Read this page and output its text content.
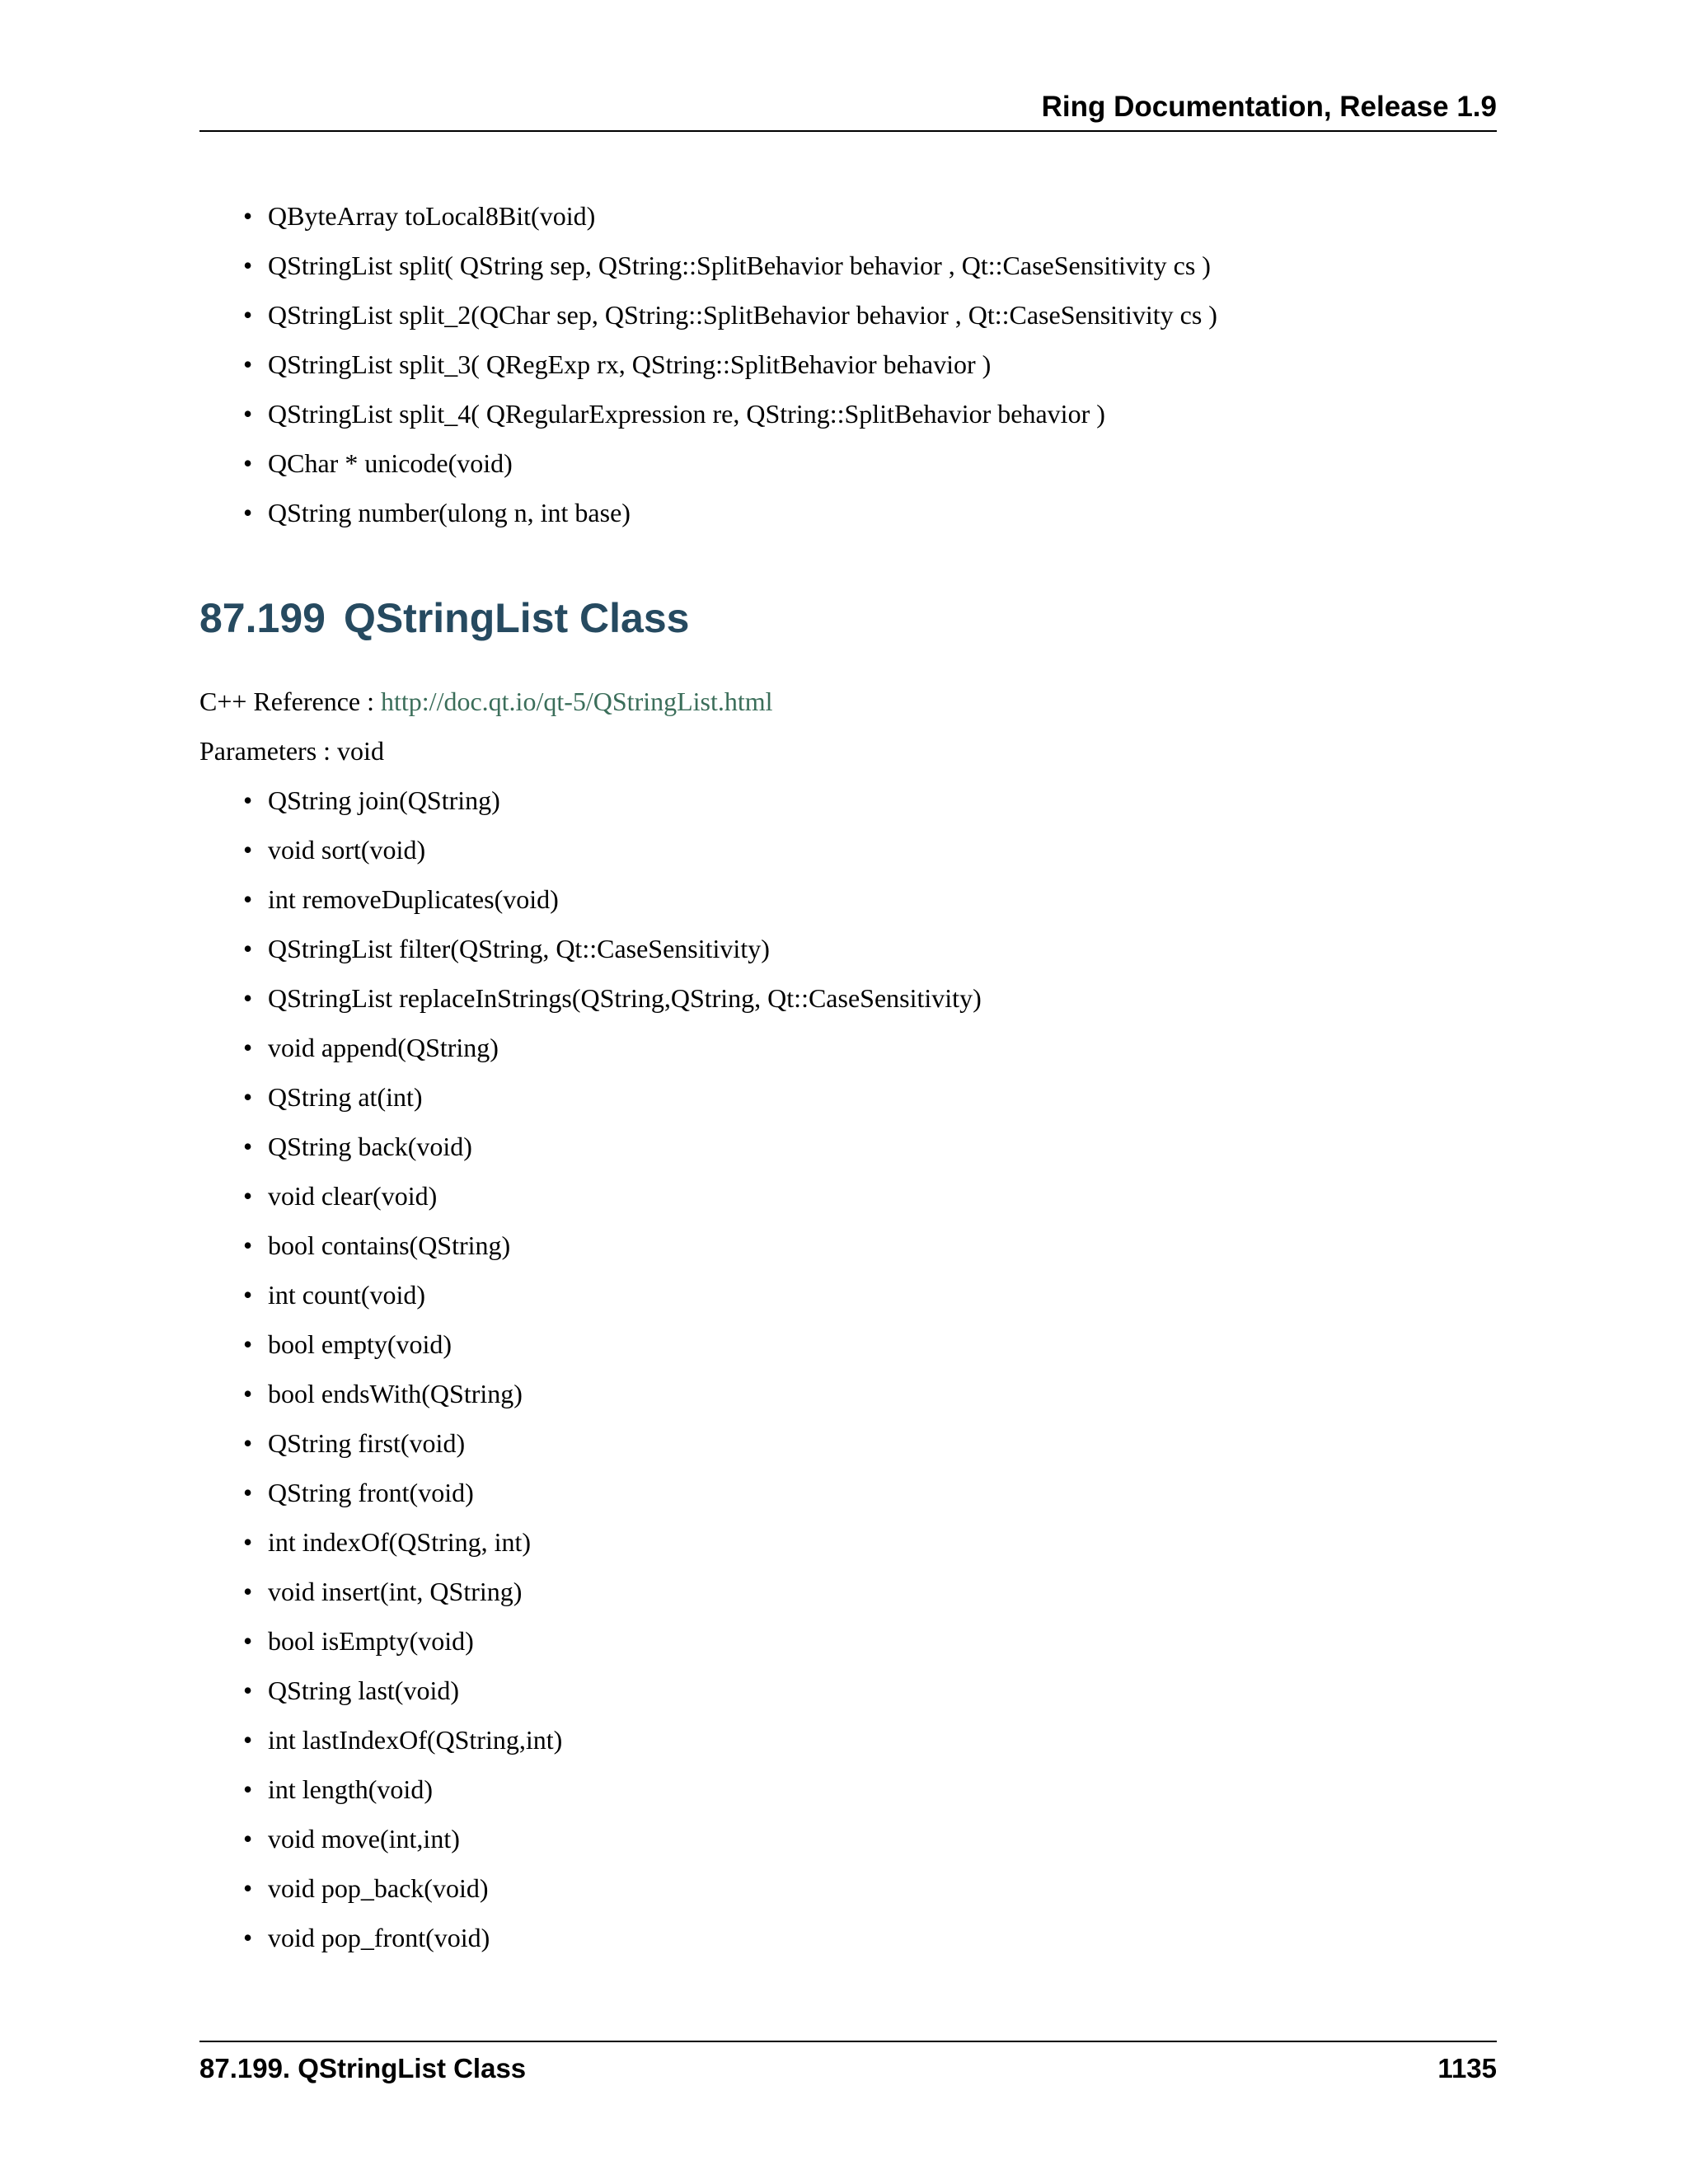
Ring Documentation, Release 1.9
• QByteArray toLocal8Bit(void)
• QStringList split( QString sep, QString::SplitBehavior behavior , Qt::CaseSensitivity cs )
• QStringList split_2(QChar sep, QString::SplitBehavior behavior , Qt::CaseSensitivity cs )
• QStringList split_3( QRegExp rx, QString::SplitBehavior behavior )
• QStringList split_4( QRegularExpression re, QString::SplitBehavior behavior )
• QChar * unicode(void)
• QString number(ulong n, int base)
87.199 QStringList Class
C++ Reference : http://doc.qt.io/qt-5/QStringList.html
Parameters : void
• QString join(QString)
• void sort(void)
• int removeDuplicates(void)
• QStringList filter(QString, Qt::CaseSensitivity)
• QStringList replaceInStrings(QString,QString, Qt::CaseSensitivity)
• void append(QString)
• QString at(int)
• QString back(void)
• void clear(void)
• bool contains(QString)
• int count(void)
• bool empty(void)
• bool endsWith(QString)
• QString first(void)
• QString front(void)
• int indexOf(QString, int)
• void insert(int, QString)
• bool isEmpty(void)
• QString last(void)
• int lastIndexOf(QString,int)
• int length(void)
• void move(int,int)
• void pop_back(void)
• void pop_front(void)
87.199. QStringList Class	1135
